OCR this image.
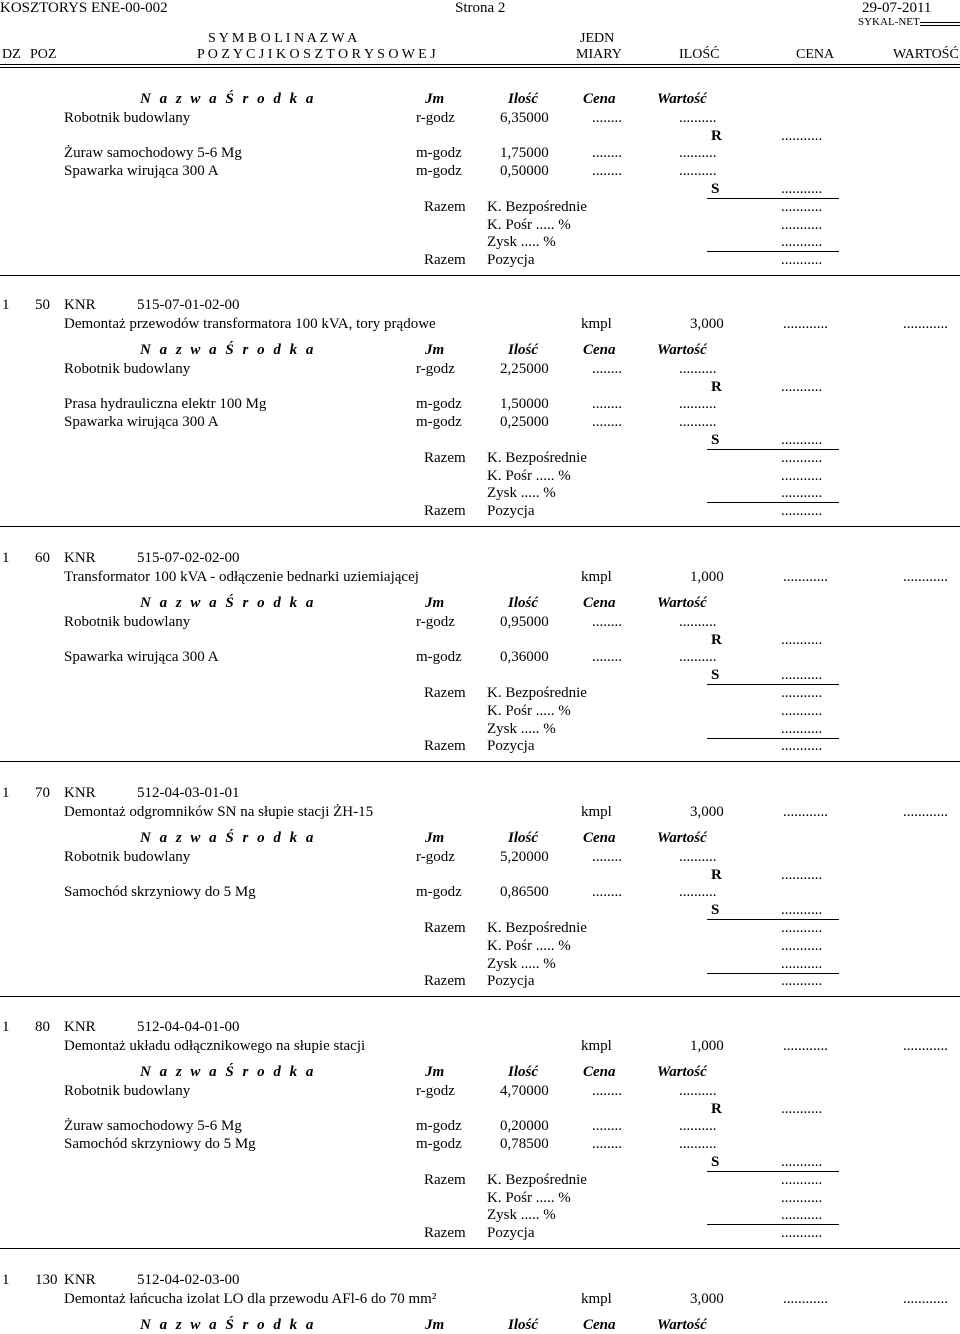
KOSZTORYS ENE-00-002	Strona 2	29-07-2011
SYKAL-NET
S Y M B O L I N A Z W A	JEDN
DZ POZ	P O Z Y C J I K O S Z T O R Y S O W E J	MIARY	ILOŚĆ	CENA	WARTOŚĆ
N a z w a Ś r o d k a	Jm	Ilość	Cena	Wartość
Robotnik budowlany	r-godz	6,35000	........	..........
R	...........
Żuraw samochodowy 5-6 Mg	m-godz	1,75000	........	..........
Spawarka wirująca 300 A	m-godz	0,50000	........	..........
S	...........
Razem K. Bezpośrednie	...........
K. Pośr ..... %	...........
Zysk ..... %	...........
Razem Pozycja	...........
1 50 KNR	515-07-01-02-00
Demontaż przewodów transformatora 100 kVA, tory prądowe	kmpl	3,000	............	............
N a z w a Ś r o d k a	Jm	Ilość	Cena	Wartość
Robotnik budowlany	r-godz	2,25000	........	..........
R	...........
Prasa hydrauliczna elektr 100 Mg	m-godz	1,50000	........	..........
Spawarka wirująca 300 A	m-godz	0,25000	........	..........
S	...........
Razem K. Bezpośrednie	...........
K. Pośr ..... %	...........
Zysk ..... %	...........
Razem Pozycja	...........
1 60 KNR	515-07-02-02-00
Transformator 100 kVA - odłączenie bednarki uziemiającej	kmpl	1,000	............	............
N a z w a Ś r o d k a	Jm	Ilość	Cena	Wartość
Robotnik budowlany	r-godz	0,95000	........	..........
R	...........
Spawarka wirująca 300 A	m-godz	0,36000	........	..........
S	...........
Razem K. Bezpośrednie	...........
K. Pośr ..... %	...........
Zysk ..... %	...........
Razem Pozycja	...........
1 70 KNR	512-04-03-01-01
Demontaż odgromników SN na słupie stacji ŻH-15	kmpl	3,000	............	............
N a z w a Ś r o d k a	Jm	Ilość	Cena	Wartość
Robotnik budowlany	r-godz	5,20000	........	..........
R	...........
Samochód skrzyniowy do 5 Mg	m-godz	0,86500	........	..........
S	...........
Razem K. Bezpośrednie	...........
K. Pośr ..... %	...........
Zysk ..... %	...........
Razem Pozycja	...........
1 80 KNR	512-04-04-01-00
Demontaż układu odłącznikowego na słupie stacji	kmpl	1,000	............	............
N a z w a Ś r o d k a	Jm	Ilość	Cena	Wartość
Robotnik budowlany	r-godz	4,70000	........	..........
R	...........
Żuraw samochodowy 5-6 Mg	m-godz	0,20000	........	..........
Samochód skrzyniowy do 5 Mg	m-godz	0,78500	........	..........
S	...........
Razem K. Bezpośrednie	...........
K. Pośr ..... %	...........
Zysk ..... %	...........
Razem Pozycja	...........
1 130 KNR	512-04-02-03-00
Demontaż łańcucha izolat LO dla przewodu AFl-6 do 70 mm²	kmpl	3,000	............	............
N a z w a Ś r o d k a	Jm	Ilość	Cena	Wartość
